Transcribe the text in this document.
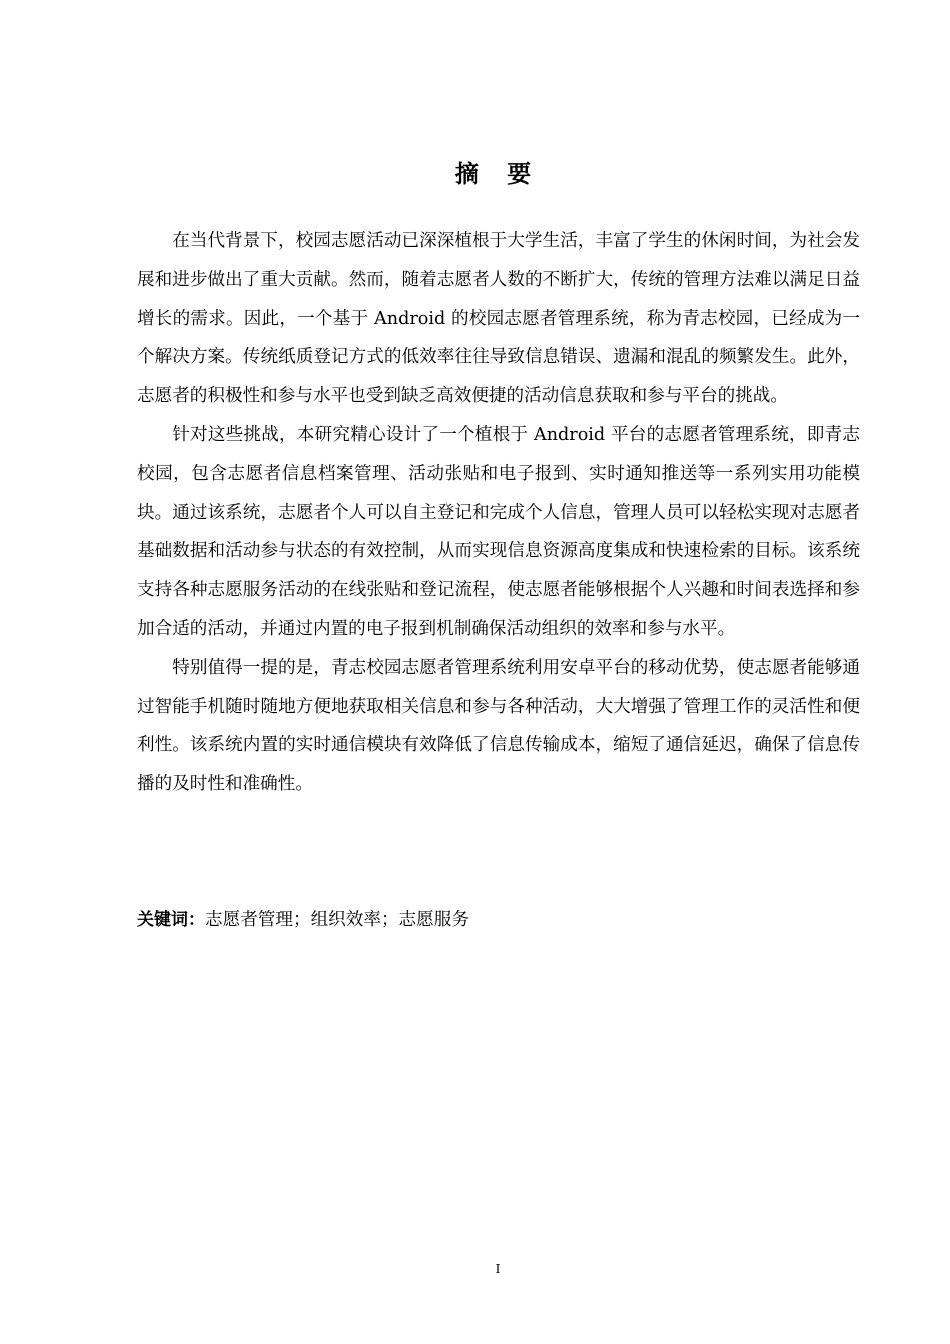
摘 要

在当代背景下，校园志愿活动已深深植根于大学生活，丰富了学生的休闲时间，为社会发展和进步做出了重大贡献。然而，随着志愿者人数的不断扩大，传统的管理方法难以满足日益增长的需求。因此，一个基于 Android 的校园志愿者管理系统，称为青志校园，已经成为一个解决方案。传统纸质登记方式的低效率往往导致信息错误、遗漏和混乱的频繁发生。此外，志愿者的积极性和参与水平也受到缺乏高效便捷的活动信息获取和参与平台的挑战。

针对这些挑战，本研究精心设计了一个植根于 Android 平台的志愿者管理系统，即青志校园，包含志愿者信息档案管理、活动张贴和电子报到、实时通知推送等一系列实用功能模块。通过该系统，志愿者个人可以自主登记和完成个人信息，管理人员可以轻松实现对志愿者基础数据和活动参与状态的有效控制，从而实现信息资源高度集成和快速检索的目标。该系统支持各种志愿服务活动的在线张贴和登记流程，使志愿者能够根据个人兴趣和时间表选择和参加合适的活动，并通过内置的电子报到机制确保活动组织的效率和参与水平。

特别值得一提的是，青志校园志愿者管理系统利用安卓平台的移动优势，使志愿者能够通过智能手机随时随地方便地获取相关信息和参与各种活动，大大增强了管理工作的灵活性和便利性。该系统内置的实时通信模块有效降低了信息传输成本，缩短了通信延迟，确保了信息传播的及时性和准确性。

关键词：志愿者管理；组织效率；志愿服务

I
